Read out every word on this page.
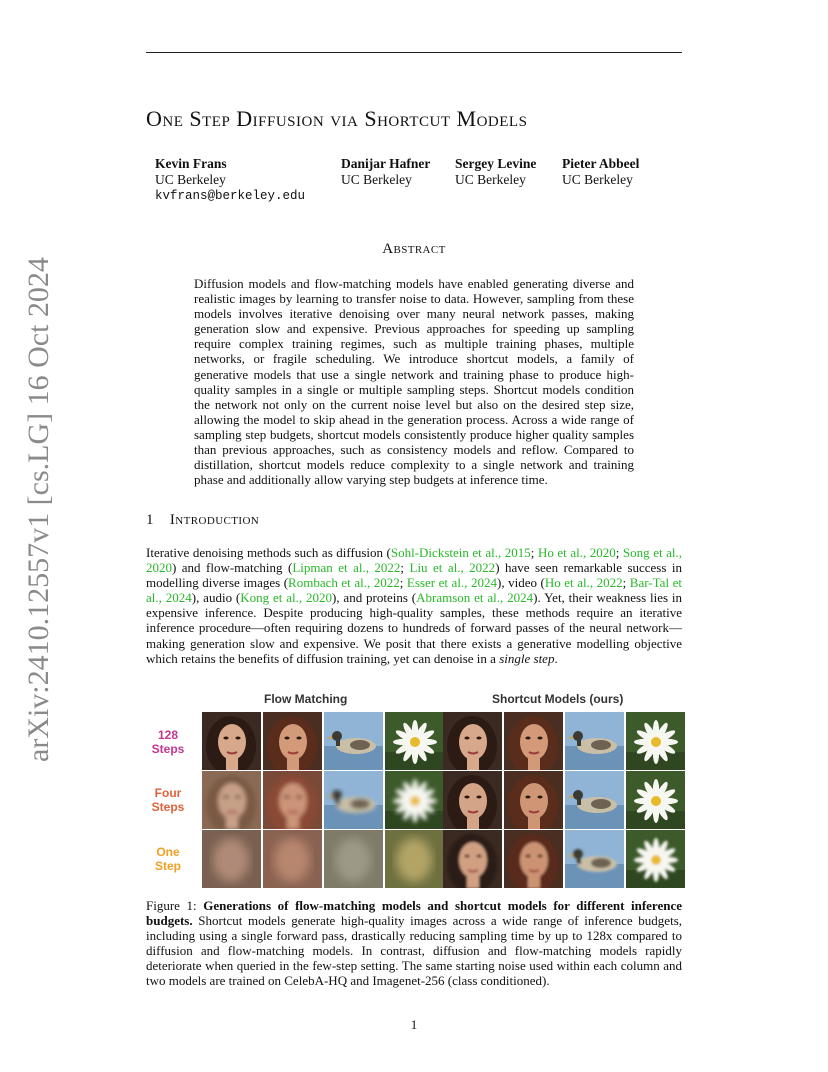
One Step Diffusion via Shortcut Models
Kevin Frans
UC Berkeley
kvfrans@berkeley.edu
Danijar Hafner
UC Berkeley
Sergey Levine
UC Berkeley
Pieter Abbeel
UC Berkeley
arXiv:2410.12557v1 [cs.LG] 16 Oct 2024
Abstract
Diffusion models and flow-matching models have enabled generating diverse and realistic images by learning to transfer noise to data. However, sampling from these models involves iterative denoising over many neural network passes, making generation slow and expensive. Previous approaches for speeding up sampling require complex training regimes, such as multiple training phases, multiple networks, or fragile scheduling. We introduce shortcut models, a family of generative models that use a single network and training phase to produce high-quality samples in a single or multiple sampling steps. Shortcut models condition the network not only on the current noise level but also on the desired step size, allowing the model to skip ahead in the generation process. Across a wide range of sampling step budgets, shortcut models consistently produce higher quality samples than previous approaches, such as consistency models and reflow. Compared to distillation, shortcut models reduce complexity to a single network and training phase and additionally allow varying step budgets at inference time.
1 Introduction
Iterative denoising methods such as diffusion (Sohl-Dickstein et al., 2015; Ho et al., 2020; Song et al., 2020) and flow-matching (Lipman et al., 2022; Liu et al., 2022) have seen remarkable success in modelling diverse images (Rombach et al., 2022; Esser et al., 2024), video (Ho et al., 2022; Bar-Tal et al., 2024), audio (Kong et al., 2020), and proteins (Abramson et al., 2024). Yet, their weakness lies in expensive inference. Despite producing high-quality samples, these methods require an iterative inference procedure—often requiring dozens to hundreds of forward passes of the neural network—making generation slow and expensive. We posit that there exists a generative modelling objective which retains the benefits of diffusion training, yet can denoise in a single step.
Flow Matching	Shortcut Models (ours)
128
Steps
Four
Steps
One
Step
Figure 1: Generations of flow-matching models and shortcut models for different inference budgets. Shortcut models generate high-quality images across a wide range of inference budgets, including using a single forward pass, drastically reducing sampling time by up to 128x compared to diffusion and flow-matching models. In contrast, diffusion and flow-matching models rapidly deteriorate when queried in the few-step setting. The same starting noise used within each column and two models are trained on CelebA-HQ and Imagenet-256 (class conditioned).
1
